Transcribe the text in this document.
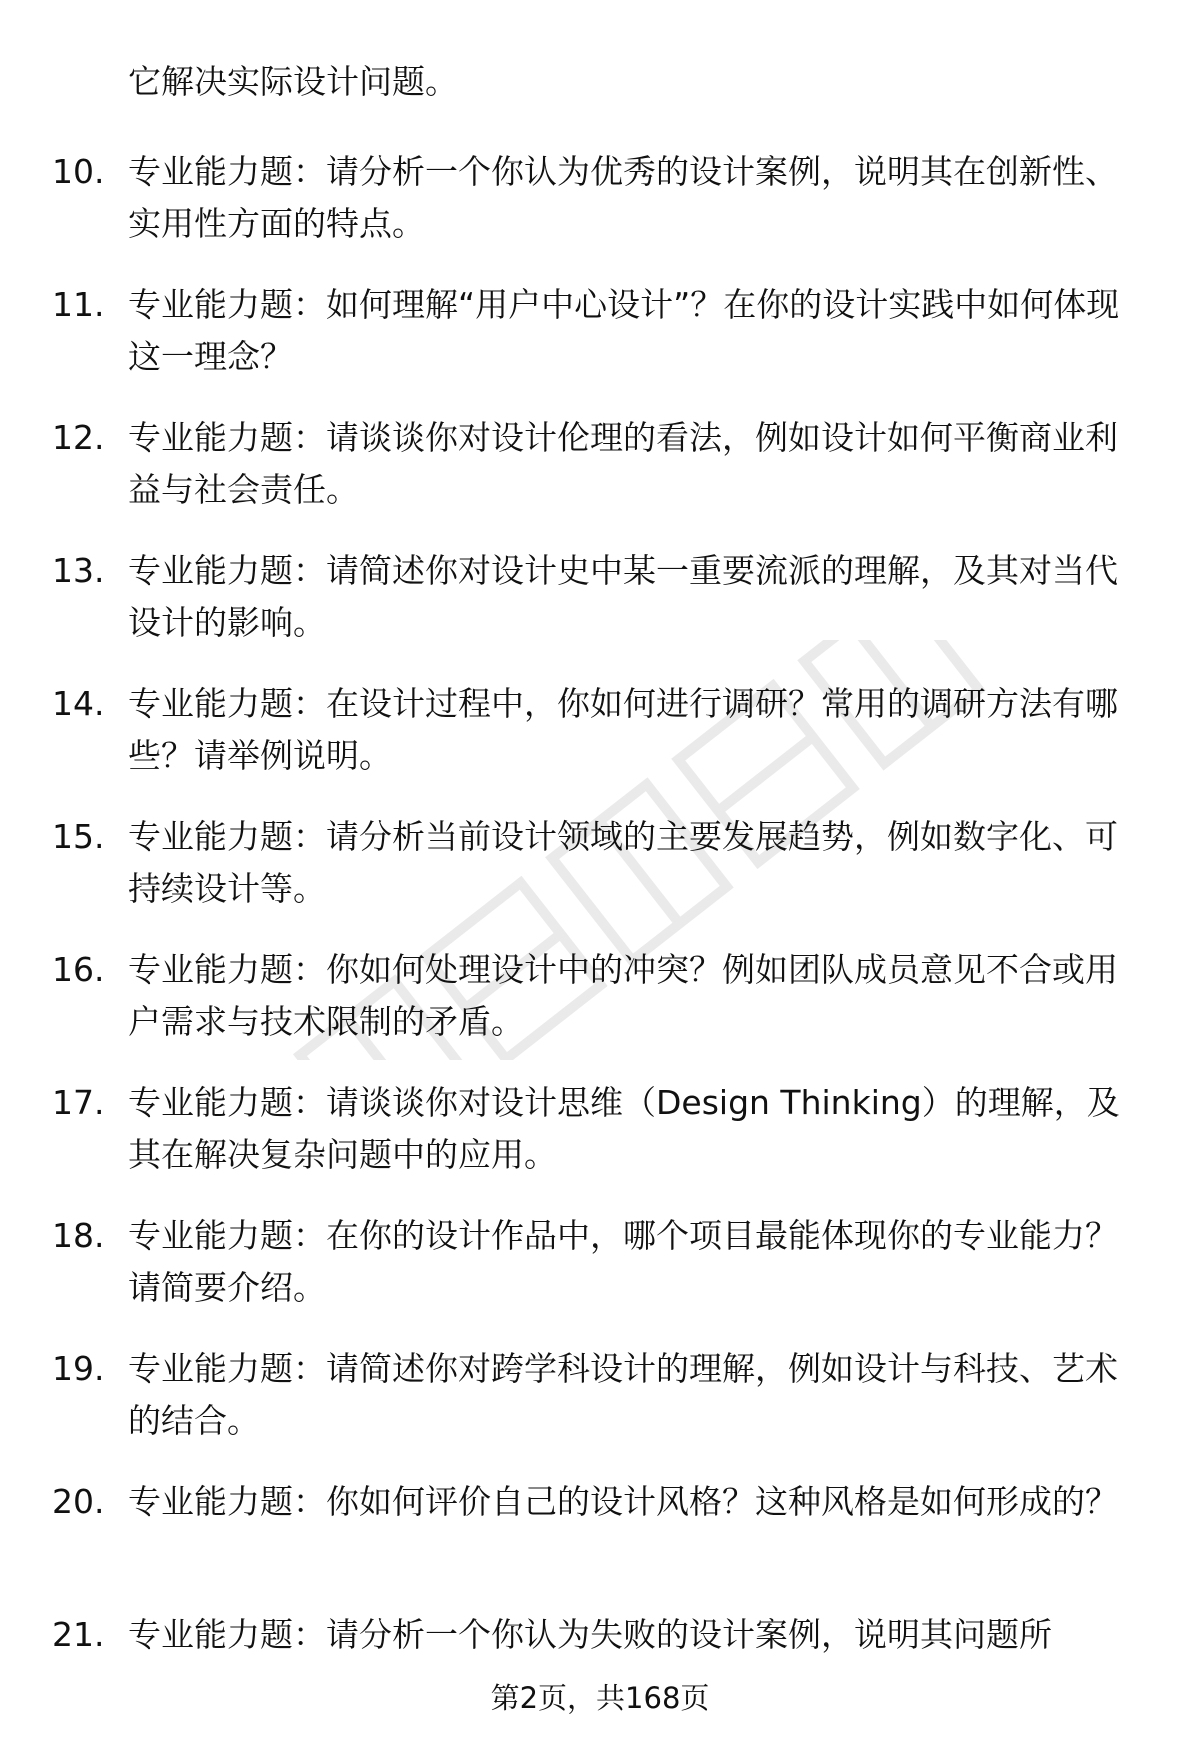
它解决实际设计问题。
10. 专业能力题：请分析一个你认为优秀的设计案例，说明其在创新性、实用性方面的特点。
11. 专业能力题：如何理解“用户中心设计”？在你的设计实践中如何体现这一理念？
12. 专业能力题：请谈谈你对设计伦理的看法，例如设计如何平衡商业利益与社会责任。
13. 专业能力题：请简述你对设计史中某一重要流派的理解，及其对当代设计的影响。
14. 专业能力题：在设计过程中，你如何进行调研？常用的调研方法有哪些？请举例说明。
15. 专业能力题：请分析当前设计领域的主要发展趋势，例如数字化、可持续设计等。
16. 专业能力题：你如何处理设计中的冲突？例如团队成员意见不合或用户需求与技术限制的矛盾。
17. 专业能力题：请谈谈你对设计思维（Design Thinking）的理解，及其在解决复杂问题中的应用。
18. 专业能力题：在你的设计作品中，哪个项目最能体现你的专业能力？请简要介绍。
19. 专业能力题：请简述你对跨学科设计的理解，例如设计与科技、艺术的结合。
20. 专业能力题：你如何评价自己的设计风格？这种风格是如何形成的？
21. 专业能力题：请分析一个你认为失败的设计案例，说明其问题所
第2页，共168页
